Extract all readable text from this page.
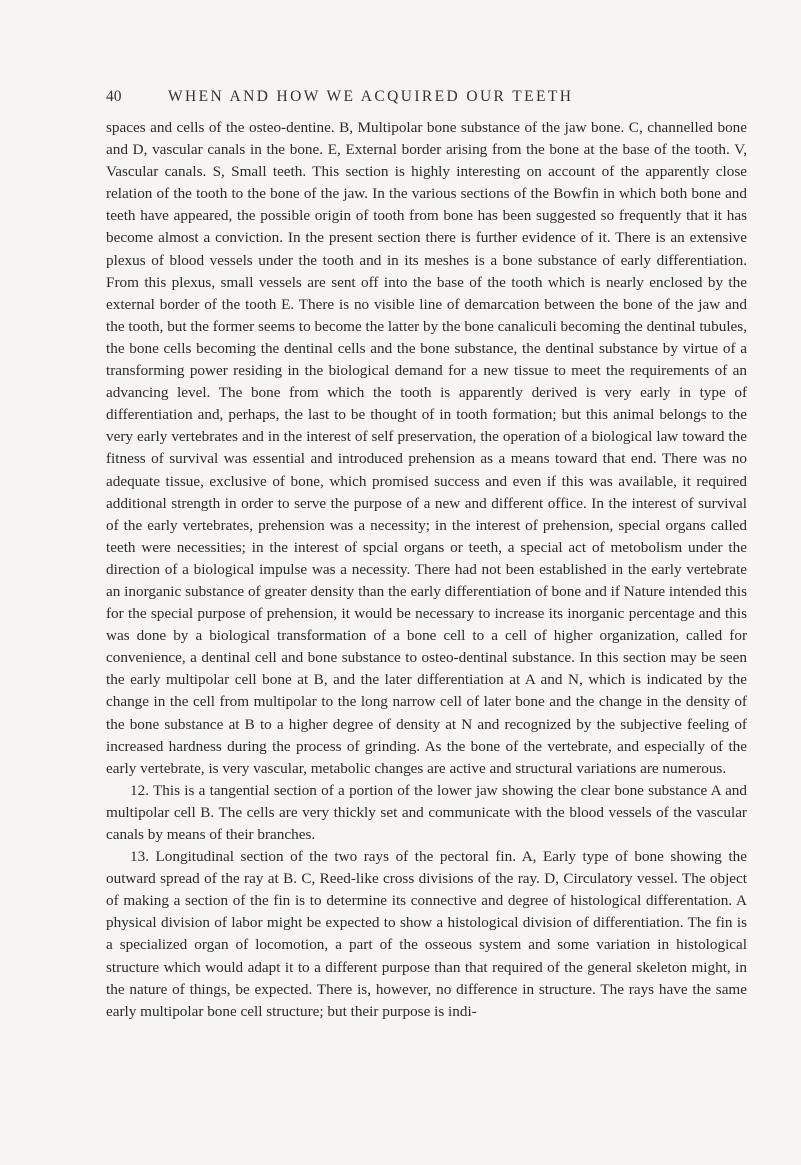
40	WHEN AND HOW WE ACQUIRED OUR TEETH

spaces and cells of the osteo-dentine. B, Multipolar bone substance of the jaw bone. C, channelled bone and D, vascular canals in the bone. E, External border arising from the bone at the base of the tooth. V, Vascular canals. S, Small teeth. This section is highly interesting on account of the apparently close relation of the tooth to the bone of the jaw. In the various sections of the Bowfin in which both bone and teeth have appeared, the possible origin of tooth from bone has been suggested so frequently that it has become almost a conviction. In the present section there is further evidence of it. There is an extensive plexus of blood vessels under the tooth and in its meshes is a bone substance of early differentiation. From this plexus, small vessels are sent off into the base of the tooth which is nearly enclosed by the external border of the tooth E. There is no visible line of demarcation between the bone of the jaw and the tooth, but the former seems to become the latter by the bone canaliculi becoming the dentinal tubules, the bone cells becoming the dentinal cells and the bone substance, the dentinal substance by virtue of a transforming power residing in the biological demand for a new tissue to meet the requirements of an advancing level. The bone from which the tooth is apparently derived is very early in type of differentiation and, perhaps, the last to be thought of in tooth formation; but this animal belongs to the very early vertebrates and in the interest of self preservation, the operation of a biological law toward the fitness of survival was essential and introduced prehension as a means toward that end. There was no adequate tissue, exclusive of bone, which promised success and even if this was available, it required additional strength in order to serve the purpose of a new and different office. In the interest of survival of the early vertebrates, prehension was a necessity; in the interest of prehension, special organs called teeth were necessities; in the interest of spcial organs or teeth, a special act of metobolism under the direction of a biological impulse was a necessity. There had not been established in the early vertebrate an inorganic substance of greater density than the early differentiation of bone and if Nature intended this for the special purpose of prehension, it would be necessary to increase its inorganic percentage and this was done by a biological transformation of a bone cell to a cell of higher organization, called for convenience, a dentinal cell and bone substance to osteo-dentinal substance. In this section may be seen the early multipolar cell bone at B, and the later differentiation at A and N, which is indicated by the change in the cell from multipolar to the long narrow cell of later bone and the change in the density of the bone substance at B to a higher degree of density at N and recognized by the subjective feeling of increased hardness during the process of grinding. As the bone of the vertebrate, and especially of the early vertebrate, is very vascular, metabolic changes are active and structural variations are numerous.

12. This is a tangential section of a portion of the lower jaw showing the clear bone substance A and multipolar cell B. The cells are very thickly set and communicate with the blood vessels of the vascular canals by means of their branches.

13. Longitudinal section of the two rays of the pectoral fin. A, Early type of bone showing the outward spread of the ray at B. C, Reed-like cross divisions of the ray. D, Circulatory vessel. The object of making a section of the fin is to determine its connective and degree of histological differentation. A physical division of labor might be expected to show a histological division of differentiation. The fin is a specialized organ of locomotion, a part of the osseous system and some variation in histological structure which would adapt it to a different purpose than that required of the general skeleton might, in the nature of things, be expected. There is, however, no difference in structure. The rays have the same early multipolar bone cell structure; but their purpose is indi-
